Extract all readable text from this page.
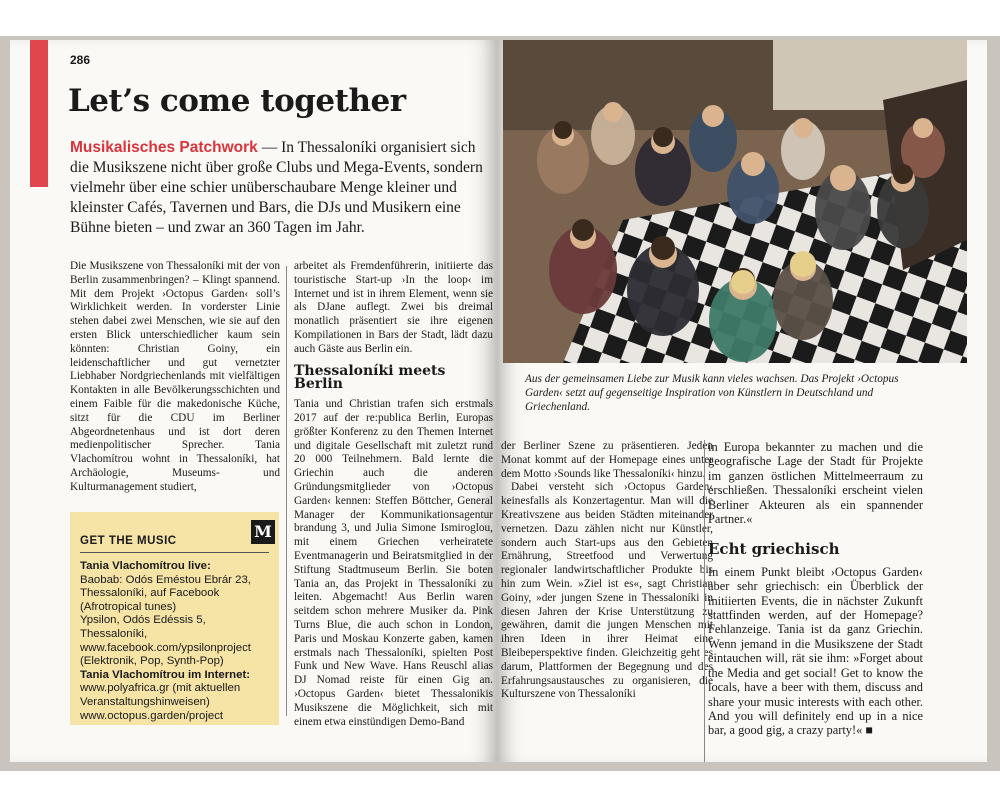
286
Let’s come together

Musikalisches Patchwork — In Thessaloníki organisiert sich die Musikszene nicht über große Clubs und Mega-Events, sondern vielmehr über eine schier unüberschaubare Menge kleiner und kleinster Cafés, Tavernen und Bars, die DJs und Musikern eine Bühne bieten – und zwar an 360 Tagen im Jahr.

Die Musikszene von Thessaloníki mit der von Berlin zusammenbringen? – Klingt spannend. Mit dem Projekt ›Octopus Garden‹ soll’s Wirklichkeit werden. In vorderster Linie stehen dabei zwei Menschen, wie sie auf den ersten Blick unterschiedlicher kaum sein könnten: Christian Goiny, ein leidenschaftlicher und gut vernetzter Liebhaber Nordgriechenlands mit vielfältigen Kontakten in alle Bevölkerungsschichten und einem Faible für die makedonische Küche, sitzt für die CDU im Berliner Abgeordnetenhaus und ist dort deren medienpolitischer Sprecher. Tania Vlachomítrou wohnt in Thessaloníki, hat Archäologie, Museums- und Kulturmanagement studiert,

arbeitet als Fremdenführerin, initiierte das touristische Start-up ›In the loop‹ im Internet und ist in ihrem Element, wenn sie als DJane auflegt. Zwei bis dreimal monatlich präsentiert sie ihre eigenen Kompilationen in Bars der Stadt, lädt dazu auch Gäste aus Berlin ein.

Thessaloníki meets Berlin

Tania und Christian trafen sich erstmals 2017 auf der re:publica Berlin, Europas größter Konferenz zu den Themen Internet und digitale Gesellschaft mit zuletzt rund 20 000 Teilnehmern. Bald lernte die Griechin auch die anderen Gründungsmitglieder von ›Octopus Garden‹ kennen: Steffen Böttcher, General Manager der Kommunikationsagentur brandung 3, und Julia Simone Ismiroglou, mit einem Griechen verheiratete Eventmanagerin und Beiratsmitglied in der Stiftung Stadtmuseum Berlin. Sie boten Tania an, das Projekt in Thessaloníki zu leiten. Abgemacht! Aus Berlin waren seitdem schon mehrere Musiker da. Pink Turns Blue, die auch schon in London, Paris und Moskau Konzerte gaben, kamen erstmals nach Thessaloníki, spielten Post Funk und New Wave. Hans Reuschl alias DJ Nomad reiste für einen Gig an. ›Octopus Garden‹ bietet Thessalonikis Musikszene die Möglichkeit, sich mit einem etwa einstündigen Demo-Band

M
GET THE MUSIC

Tania Vlachomítrou live:

Baobab: Odós Eméstou Ebrár 23, Thessaloníki, auf Facebook (Afrotropical tunes)

Ypsilon, Odós Edéssis 5, Thessaloníki, www.facebook.com/ypsilonproject (Elektronik, Pop, Synth-Pop)

Tania Vlachomítrou im Internet:

www.polyafrica.gr (mit aktuellen Veranstaltungshinweisen)

www.octopus.garden/project

Aus der gemeinsamen Liebe zur Musik kann vieles wachsen. Das Projekt ›Octopus Garden‹ setzt auf gegenseitige Inspiration von Künstlern in Deutschland und Griechenland.

der Berliner Szene zu präsentieren. Jeden Monat kommt auf der Homepage eines unter dem Motto ›Sounds like Thessaloníki‹ hinzu.

Dabei versteht sich ›Octopus Garden‹ keinesfalls als Konzertagentur. Man will die Kreativszene aus beiden Städten miteinander vernetzen. Dazu zählen nicht nur Künstler, sondern auch Start-ups aus den Gebieten Ernährung, Streetfood und Verwertung regionaler landwirtschaftlicher Produkte bis hin zum Wein. »Ziel ist es«, sagt Christian Goiny, »der jungen Szene in Thessaloníki in diesen Jahren der Krise Unterstützung zu gewähren, damit die jungen Menschen mit ihren Ideen in ihrer Heimat eine Bleibeperspektive finden. Gleichzeitig geht es darum, Plattformen der Begegnung und des Erfahrungsaustausches zu organisieren, die Kulturszene von Thessaloníki

in Europa bekannter zu machen und die geografische Lage der Stadt für Projekte im ganzen östlichen Mittelmeerraum zu erschließen. Thessaloníki erscheint vielen Berliner Akteuren als ein spannender Partner.«

Echt griechisch

In einem Punkt bleibt ›Octopus Garden‹ aber sehr griechisch: ein Überblick der initiierten Events, die in nächster Zukunft stattfinden werden, auf der Homepage? Fehlanzeige. Tania ist da ganz Griechin. Wenn jemand in die Musikszene der Stadt eintauchen will, rät sie ihm: »Forget about the Media and get social! Get to know the locals, have a beer with them, discuss and share your music interests with each other. And you will definitely end up in a nice bar, a good gig, a crazy party!« ■
